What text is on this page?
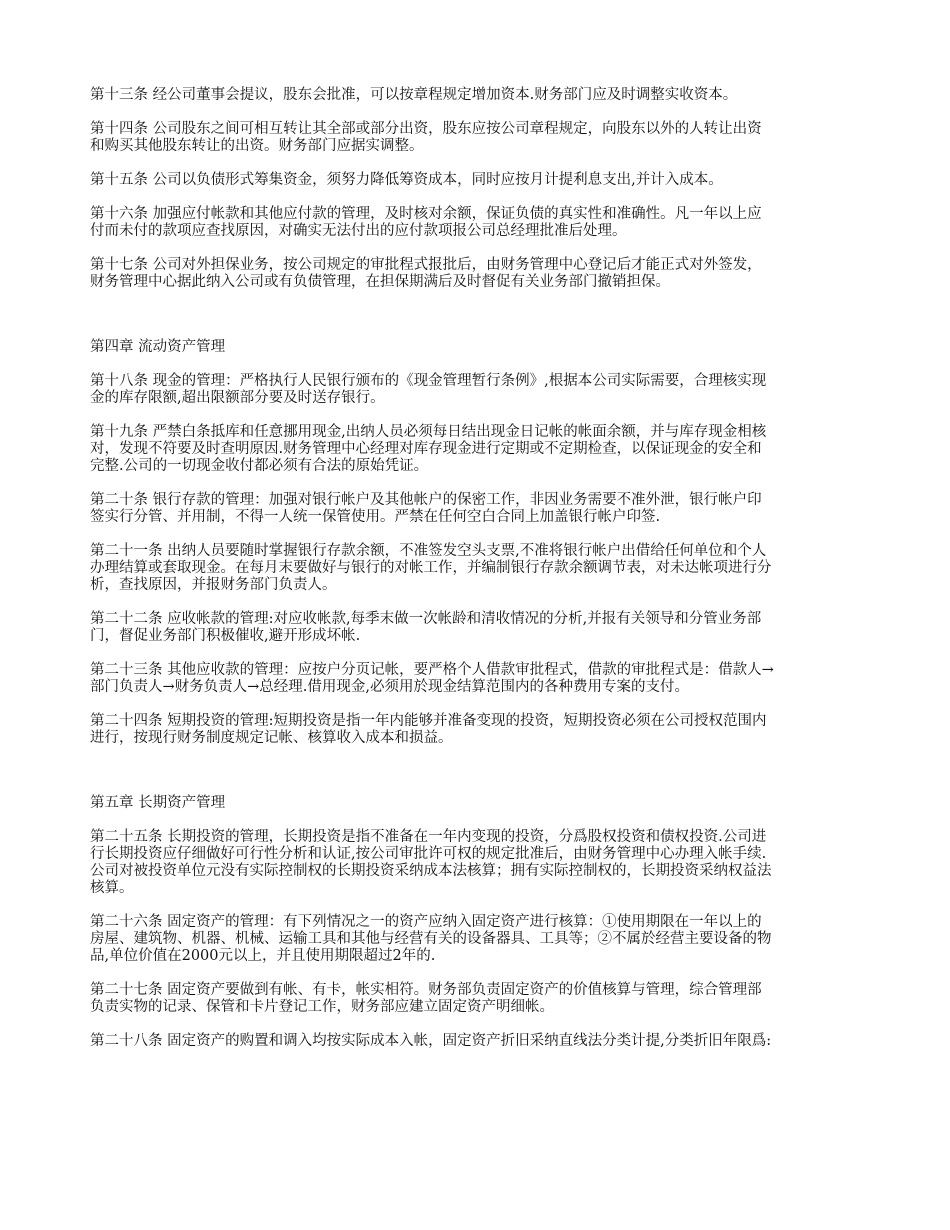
第十三条 经公司董事会提议，股东会批准，可以按章程规定增加资本.财务部门应及时调整实收资本。
第十四条 公司股东之间可相互转让其全部或部分出资，股东应按公司章程规定，向股东以外的人转让出资
和购买其他股东转让的出资。财务部门应据实调整。
第十五条 公司以负债形式筹集资金，须努力降低筹资成本，同时应按月计提利息支出,并计入成本。
第十六条 加强应付帐款和其他应付款的管理，及时核对余额，保证负债的真实性和准确性。凡一年以上应
付而未付的款项应查找原因，对确实无法付出的应付款项报公司总经理批准后处理。
第十七条 公司对外担保业务，按公司规定的审批程式报批后，由财务管理中心登记后才能正式对外签发，
财务管理中心据此纳入公司或有负债管理，在担保期满后及时督促有关业务部门撤销担保。
第四章 流动资产管理
第十八条 现金的管理：严格执行人民银行颁布的《现金管理暂行条例》,根据本公司实际需要，合理核实现
金的库存限额,超出限额部分要及时送存银行。
第十九条 严禁白条抵库和任意挪用现金,出纳人员必须每日结出现金日记帐的帐面余额，并与库存现金相核
对，发现不符要及时查明原因.财务管理中心经理对库存现金进行定期或不定期检查，以保证现金的安全和
完整.公司的一切现金收付都必须有合法的原始凭证。
第二十条 银行存款的管理：加强对银行帐户及其他帐户的保密工作，非因业务需要不准外泄，银行帐户印
签实行分管、并用制，不得一人统一保管使用。严禁在任何空白合同上加盖银行帐户印签.
第二十一条 出纳人员要随时掌握银行存款余额，不准签发空头支票,不准将银行帐户出借给任何单位和个人
办理结算或套取现金。在每月末要做好与银行的对帐工作，并编制银行存款余额调节表，对未达帐项进行分
析，查找原因，并报财务部门负责人。
第二十二条 应收帐款的管理:对应收帐款,每季末做一次帐龄和清收情况的分析,并报有关领导和分管业务部
门，督促业务部门积极催收,避开形成坏帐.
第二十三条 其他应收款的管理：应按户分页记帐，要严格个人借款审批程式，借款的审批程式是：借款人→
部门负责人→财务负责人→总经理.借用现金,必须用於现金结算范围内的各种费用专案的支付。
第二十四条 短期投资的管理:短期投资是指一年内能够并准备变现的投资，短期投资必须在公司授权范围内
进行，按现行财务制度规定记帐、核算收入成本和损益。
第五章 长期资产管理
第二十五条 长期投资的管理，长期投资是指不准备在一年内变现的投资，分爲股权投资和债权投资.公司进
行长期投资应仔细做好可行性分析和认证,按公司审批许可权的规定批准后，由财务管理中心办理入帐手续.
公司对被投资单位元没有实际控制权的长期投资采纳成本法核算；拥有实际控制权的，长期投资采纳权益法
核算。
第二十六条 固定资产的管理：有下列情况之一的资产应纳入固定资产进行核算：①使用期限在一年以上的
房屋、建筑物、机器、机械、运输工具和其他与经营有关的设备器具、工具等；②不属於经营主要设备的物
品,单位价值在2000元以上，并且使用期限超过2年的.
第二十七条 固定资产要做到有帐、有卡，帐实相符。财务部负责固定资产的价值核算与管理，综合管理部
负责实物的记录、保管和卡片登记工作，财务部应建立固定资产明细帐。
第二十八条 固定资产的购置和调入均按实际成本入帐，固定资产折旧采纳直线法分类计提,分类折旧年限爲:
